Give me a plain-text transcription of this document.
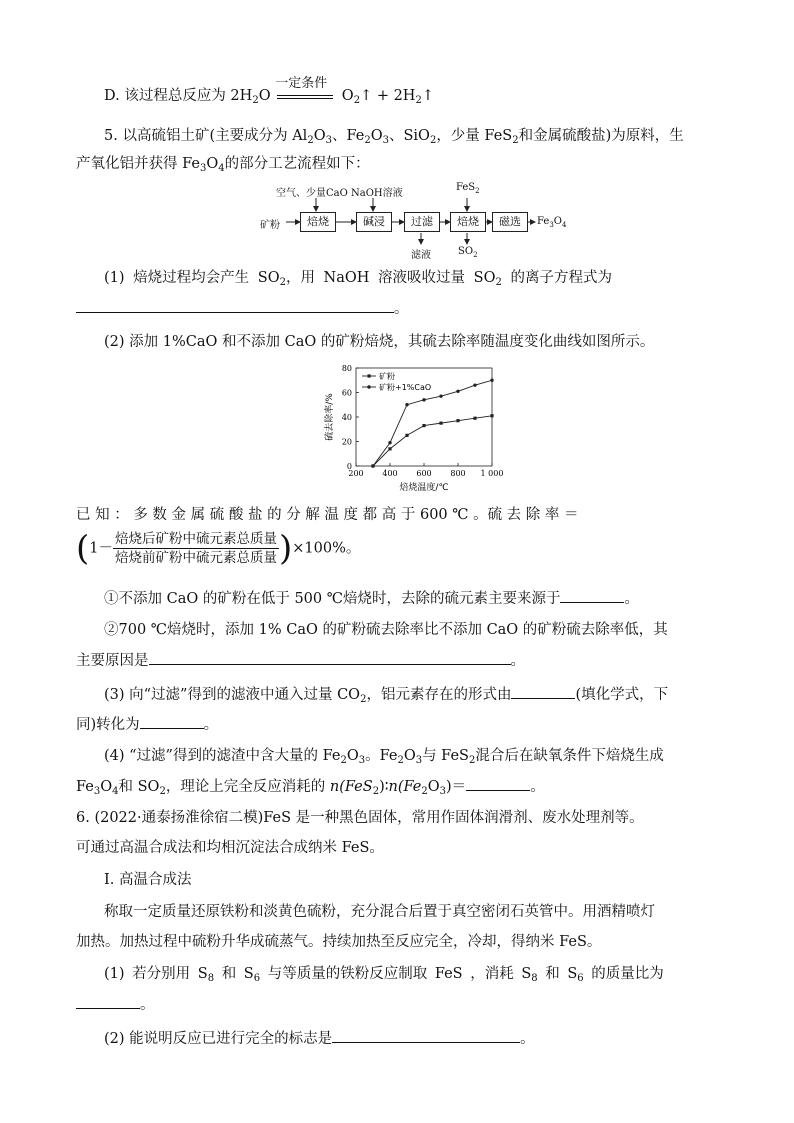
D. 该过程总反应为 $2H_2O$
一定条件
$O_2↑$ + $2H_2↑$
5. 以高硫铝土矿(主要成分为 $Al_2O_3$、$Fe_2O_3$、SiO$_2$，少量 FeS$_2$和金属硫酸盐)为原料，生
产氧化铝并获得 $Fe_3O_4$的部分工艺流程如下：
矿粉
空气、少量CaO NaOH溶液
FeS$_2$
焙烧	碱浸	过滤	焙烧	磁选
滤液	$SO_2$
$Fe_3O_4$
(1) 焙烧过程均会产生 $SO_2$，用 NaOH 溶液吸收过量 $SO_2$ 的离子方程式为
。
(2) 添加 1%CaO 和不添加 CaO 的矿粉焙烧，其硫去除率随温度变化曲线如图所示。
200 400 600 800 1 000
0
20
40
60
80
焙烧温度/℃
硫去除率/%
矿粉
矿粉+1%CaO
已 知 ： 多 数 金 属 硫 酸 盐 的 分 解 温 度 都 高 于 600 ℃ 。硫 去 除 率 ＝
$(1- \frac{\text{焙烧后矿粉中硫元素总质量}}{\text{焙烧前矿粉中硫元素总质量}} )\times 100\%$。
①不添加 CaO 的矿粉在低于 500 ℃焙烧时，去除的硫元素主要来源于	。
②700 ℃焙烧时，添加 1% CaO 的矿粉硫去除率比不添加 CaO 的矿粉硫去除率低，其
主要原因是	。
(3) 向“过滤”得到的滤液中通入过量 $CO_2$，铝元素存在的形式由	(填化学式，下
同)转化为	。
(4) “过滤”得到的滤渣中含大量的 $Fe_2O_3$。$Fe_2O_3$与 FeS$_2$混合后在缺氧条件下焙烧生成
$Fe_3O_4$和 $SO_2$，理论上完全反应消耗的 $n(FeS_2)∶n(Fe_2O_3)=$	。
6. (2022·通泰扬淮徐宿二模)FeS 是一种黑色固体，常用作固体润滑剂、废水处理剂等。
可通过高温合成法和均相沉淀法合成纳米 FeS。
Ⅰ. 高温合成法
称取一定质量还原铁粉和淡黄色硫粉，充分混合后置于真空密闭石英管中。用酒精喷灯
加热。加热过程中硫粉升华成硫蒸气。持续加热至反应完全，冷却，得纳米 FeS。
(1) 若分别用 $S_8$ 和 $S_6$ 与等质量的铁粉反应制取 FeS ，消耗 $S_8$ 和 $S_6$ 的质量比为
。
(2) 能说明反应已进行完全的标志是	。
